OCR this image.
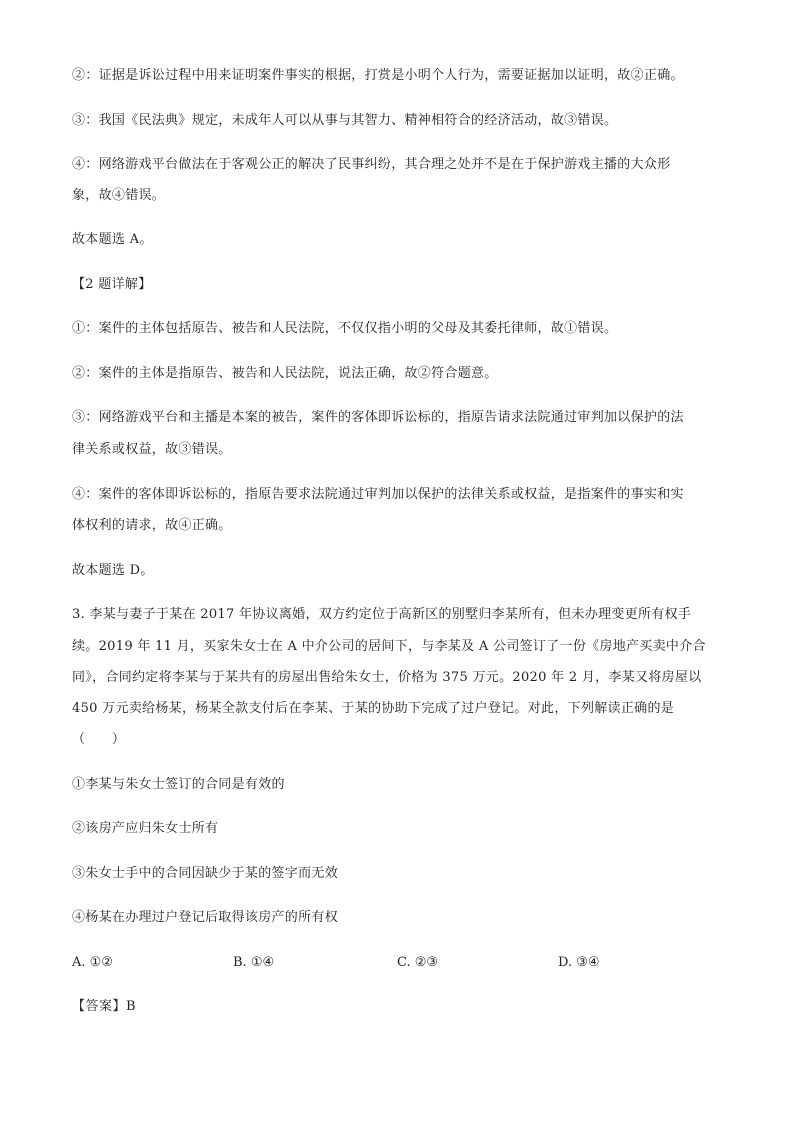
②：证据是诉讼过程中用来证明案件事实的根据，打赏是小明个人行为，需要证据加以证明，故②正确。
③：我国《民法典》规定，未成年人可以从事与其智力、精神相符合的经济活动，故③错误。
④：网络游戏平台做法在于客观公正的解决了民事纠纷，其合理之处并不是在于保护游戏主播的大众形
象，故④错误。
故本题选 A。
【2 题详解】
①：案件的主体包括原告、被告和人民法院，不仅仅指小明的父母及其委托律师，故①错误。
②：案件的主体是指原告、被告和人民法院，说法正确，故②符合题意。
③：网络游戏平台和主播是本案的被告，案件的客体即诉讼标的，指原告请求法院通过审判加以保护的法
律关系或权益，故③错误。
④：案件的客体即诉讼标的，指原告要求法院通过审判加以保护的法律关系或权益，是指案件的事实和实
体权利的请求，故④正确。
故本题选 D。
3. 李某与妻子于某在 2017 年协议离婚，双方约定位于高新区的别墅归李某所有，但未办理变更所有权手
续。2019 年 11 月，买家朱女士在 A 中介公司的居间下，与李某及 A 公司签订了一份《房地产买卖中介合
同》，合同约定将李某与于某共有的房屋出售给朱女士，价格为 375 万元。2020 年 2 月，李某又将房屋以
450 万元卖给杨某，杨某全款支付后在李某、于某的协助下完成了过户登记。对此，下列解读正确的是
（　　）
①李某与朱女士签订的合同是有效的
②该房产应归朱女士所有
③朱女士手中的合同因缺少于某的签字而无效
④杨某在办理过户登记后取得该房产的所有权
A. ①②	B. ①④	C. ②③	D. ③④
【答案】B
